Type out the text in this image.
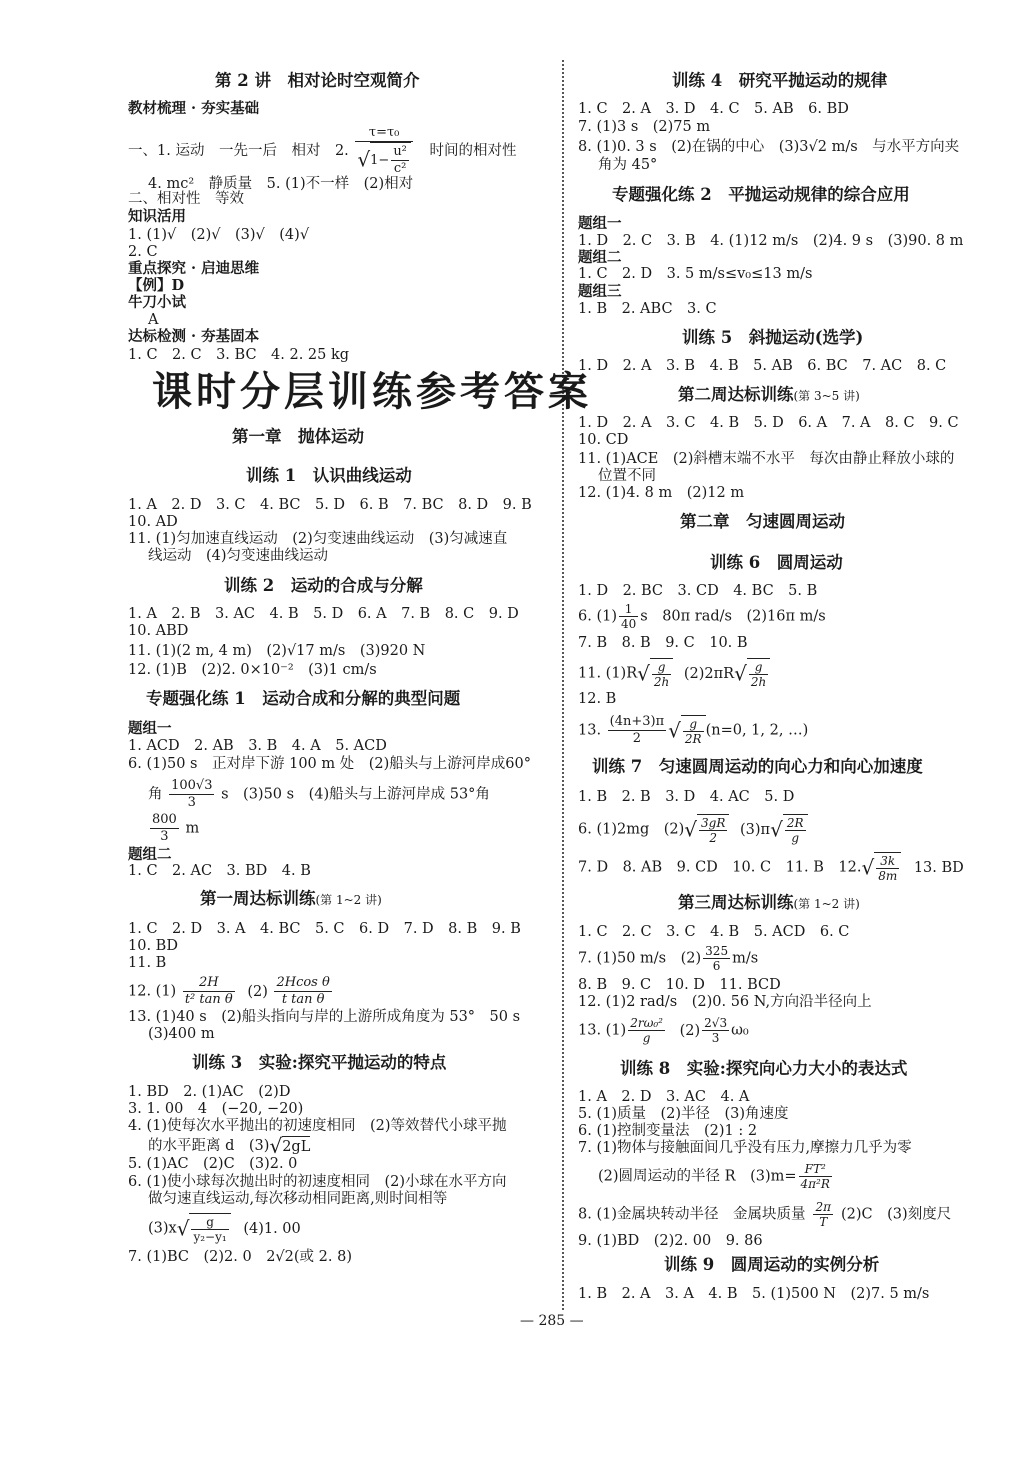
第 2 讲　相对论时空观简介
教材梳理 · 夯实基础
一、1. 运动　一先一后　相对　2. $\frac{\text{τ=τ₀}}{√1- \frac{\text{u²}}{\text{c²}}}$ 时间的相对性
4. mc²　静质量　5. (1)不一样　(2)相对
二、相对性　等效
知识活用
1. (1)√　(2)√　(3)√　(4)√
2. C
重点探究 · 启迪思维
【例】D
牛刀小试
A
达标检测 · 夯基固本
1. C　2. C　3. BC　4. 2. 25 kg
课时分层训练参考答案
第一章　抛体运动
训练 1　认识曲线运动
1. A　2. D　3. C　4. BC　5. D　6. B　7. BC　8. D　9. B
10. AD
11. (1)匀加速直线运动　(2)匀变速曲线运动　(3)匀减速直
线运动　(4)匀变速曲线运动
训练 2　运动的合成与分解
1. A　2. B　3. AC　4. B　5. D　6. A　7. B　8. C　9. D
10. ABD
11. (1)(2 m, 4 m)　(2)√17 m/s　(3)920 N
12. (1)B　(2)2. 0×10⁻²　(3)1 cm/s
专题强化练 1　运动合成和分解的典型问题
题组一
1. ACD　2. AB　3. B　4. A　5. ACD
6. (1)50 s　正对岸下游 100 m 处　(2)船头与上游河岸成60°
角 $\frac{100√3}{3}$ s　(3)50 s　(4)船头与上游河岸成 53°角
$\frac{800}{3}$ m
题组二
1. C　2. AC　3. BD　4. B
第一周达标训练(第 1~2 讲)
1. C　2. D　3. A　4. BC　5. C　6. D　7. D　8. B　9. B
10. BD
11. B
12. $(1) \frac{2H}{\text{t² tan θ}} (2) \frac{\text{2Hcos θ}}{\text{t tan θ}}$
13. (1)40 s　(2)船头指向与岸的上游所成角度为 53°　50 s
(3)400 m
训练 3　实验:探究平抛运动的特点
1. BD　2. (1)AC　(2)D
3. 1. 00　4　(−20, −20)
4. (1)使每次水平抛出的初速度相同　(2)等效替代小球平抛
的水平距离 d　(3)√2gL
5. (1)AC　(2)C　(3)2. 0
6. (1)使小球每次抛出时的初速度相同　(2)小球在水平方向
做匀速直线运动,每次移动相同距离,则时间相等
$(3)x√ \frac{g}{\text{y₂−y₁}} (4)1$. 00
7. (1)BC　(2)2. 0　2√2(或 2. 8)
训练 4　研究平抛运动的规律
1. C　2. A　3. D　4. C　5. AB　6. BD
7. (1)3 s　(2)75 m
8. (1)0. 3 s　(2)在锅的中心　(3)3√2 m/s　与水平方向夹
角为 45°
专题强化练 2　平抛运动规律的综合应用
题组一
1. D　2. C　3. B　4. (1)12 m/s　(2)4. 9 s　(3)90. 8 m
题组二
1. C　2. D　3. 5 m/s≤v₀≤13 m/s
题组三
1. B　2. ABC　3. C
训练 5　斜抛运动(选学)
1. D　2. A　3. B　4. B　5. AB　6. BC　7. AC　8. C
第二周达标训练(第 3~5 讲)
1. D　2. A　3. C　4. B　5. D　6. A　7. A　8. C　9. C
10. CD
11. (1)ACE　(2)斜槽末端不水平　每次由静止释放小球的
位置不同
12. (1)4. 8 m　(2)12 m
第二章　匀速圆周运动
训练 6　圆周运动
1. D　2. BC　3. CD　4. BC　5. B
6. $(1) \frac{1}{40}$ s　80π rad/s　(2)16π m/s
7. B　8. B　9. C　10. B
11. $(1)R√ \frac{g}{2h} (2)2\pi R√ \frac{g}{2h}$
12. B
13. $\frac{(4n+3)\pi}{2}$ √ $\frac{g}{2R} (n=0$, 1, 2, …)
训练 7　匀速圆周运动的向心力和向心加速度
1. B　2. B　3. D　4. AC　5. D
6. (1)2mg　$(2)√ \frac{3gR}{2} (3)\pi√ \frac{2R}{g}$
7. D　8. AB　9. CD　10. C　11. B　$12.√ \frac{3k}{8m} 13$. BD
第三周达标训练(第 1~2 讲)
1. C　2. C　3. C　4. B　5. ACD　6. C
7. (1)50 m/s　$(2) \frac{325}{6} m/s$
8. B　9. C　10. D　11. BCD
12. (1)2 rad/s　(2)0. 56 N,方向沿半径向上
13. $(1) \frac{\text{2rω₀²}}{g} (2) \frac{2√3}{3} \omega_0$
训练 8　实验:探究向心力大小的表达式
1. A　2. D　3. AC　4. A
5. (1)质量　(2)半径　(3)角速度
6. (1)控制变量法　(2)1 : 2
7. (1)物体与接触面间几乎没有压力,摩擦力几乎为零
(2)圆周运动的半径 R　$(3)m= \frac{\text{FT²}}{\text{4π²R}}$
8. (1)金属块转动半径　金属块质量 $\frac{2\pi}{T} (2)C$　(3)刻度尺
9. (1)BD　(2)2. 00　9. 86
训练 9　圆周运动的实例分析
1. B　2. A　3. A　4. B　5. (1)500 N　(2)7. 5 m/s
— 285 —
